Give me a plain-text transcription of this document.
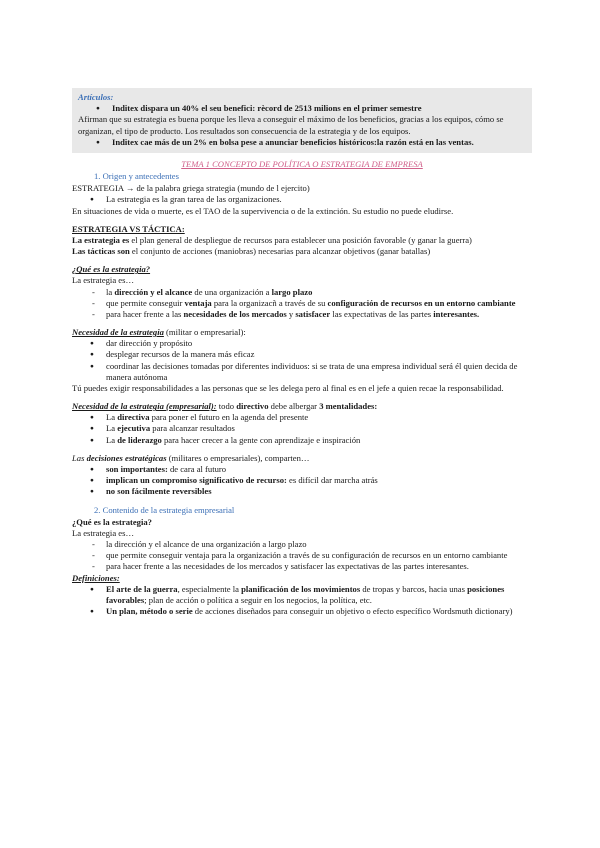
Artículos:
● Inditex dispara un 40% el seu benefici: rècord de 2513 milions en el primer semestre

Afirman que su estrategia es buena porque les lleva a conseguir el máximo de los beneficios, gracias a los equipos, cómo se organizan, el tipo de producto. Los resultados son consecuencia de la estrategia y de los equipos.

● Inditex cae más de un 2% en bolsa pese a anunciar beneficios históricos:la razón está en las ventas.
TEMA 1 CONCEPTO DE POLÍTICA O ESTRATEGIA DE EMPRESA
1. Origen y antecedentes

ESTRATEGIA → de la palabra griega strategia (mundo de l ejercito)

● La estrategia es la gran tarea de las organizaciones.

En situaciones de vida o muerte, es el TAO de la supervivencia o de la extinción. Su estudio no puede eludirse.

ESTRATEGIA VS TÁCTICA:

La estrategia es el plan general de despliegue de recursos para establecer una posición favorable (y ganar la guerra)

Las tácticas son el conjunto de acciones (maniobras) necesarias para alcanzar objetivos (ganar batallas)

¿Qué es la estrategia?

La estrategia es…

- la dirección y el alcance de una organización a largo plazo
- que permite conseguir ventaja para la organizacñ a través de su configuración de recursos en un entorno cambiante
- para hacer frente a las necesidades de los mercados y satisfacer las expectativas de las partes interesantes.

Necesidad de la estrategia (militar o empresarial):

● dar dirección y propósito
● desplegar recursos de la manera más eficaz
● coordinar las decisiones tomadas por diferentes individuos: si se trata de una empresa individual será él quien decida de manera autónoma

Tú puedes exigir responsabilidades a las personas que se les delega pero al final es en el jefe a quien recae la responsabilidad.

Necesidad de la estrategia (empresarial): todo directivo debe albergar 3 mentalidades:

● La directiva para poner el futuro en la agenda del presente
● La ejecutiva para alcanzar resultados
● La de liderazgo para hacer crecer a la gente con aprendizaje e inspiración

Las decisiones estratégicas (militares o empresariales), comparten…

● son importantes: de cara al futuro
● implican un compromiso significativo de recurso: es difícil dar marcha atrás
● no son fácilmente reversibles
2. Contenido de la estrategia empresarial

¿Qué es la estrategia?

La estrategia es…

- la dirección y el alcance de una organización a largo plazo
- que permite conseguir ventaja para la organización a través de su configuración de recursos en un entorno cambiante
- para hacer frente a las necesidades de los mercados y satisfacer las expectativas de las partes interesantes.

Definiciones:

● El arte de la guerra, especialmente la planificación de los movimientos de tropas y barcos, hacia unas posiciones favorables; plan de acción o política a seguir en los negocios, la política, etc.
● Un plan, método o serie de acciones diseñados para conseguir un objetivo o efecto específico Wordsmuth dictionary)
